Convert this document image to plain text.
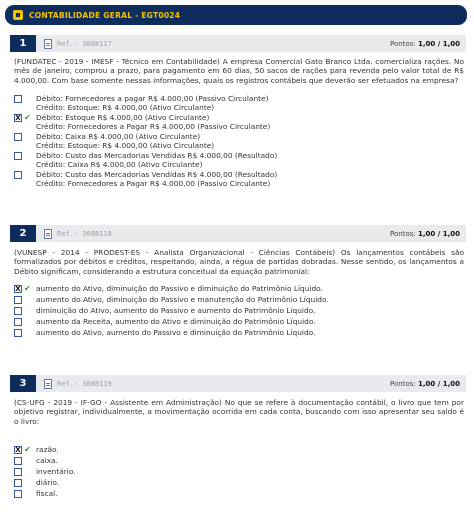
CONTABILIDADE GERAL - EGT0024
1	Ref.: 3088117	Pontos: 1,00 / 1,00
(FUNDATEC - 2019 - IMESF - Técnico em Contabilidade) A empresa Comercial Gato Branco Ltda. comercializa rações. No mês de janeiro, comprou a prazo, para pagamento em 60 dias, 50 sacos de rações para revenda pelo valor total de R$ 4.000,00. Com base somente nessas informações, quais os registros contábeis que deverão ser efetuados na empresa?
Débito: Fornecedores a pagar R$ 4.000,00 (Passivo Circulante)
Crédito: Estoque: R$ 4.000,00 (Ativo Circulante)
X ✔ Débito: Estoque R$ 4.000,00 (Ativo Circulante)
Crédito: Fornecedores a Pagar R$ 4.000,00 (Passivo Circulante)
Débito: Caixa R$ 4.000,00 (Ativo Circulante)
Crédito: Estoque: R$ 4.000,00 (Ativo Circulante)
Débito: Custo das Mercadorias Vendidas R$ 4.000,00 (Resultado)
Crédito: Caixa R$ 4.000,00 (Ativo Circulante)
Débito: Custo das Mercadorias Vendidas R$ 4.000,00 (Resultado)
Crédito: Fornecedores a Pagar R$ 4.000,00 (Passivo Circulante)
2	Ref.: 3088118	Pontos: 1,00 / 1,00
(VUNESP - 2014 - PRODEST-ES - Analista Organizacional - Ciências Contábeis) Os lançamentos contábeis são formalizados por débitos e créditos, respeitando, ainda, a régua de partidas dobradas. Nesse sentido, os lançamentos a Débito significam, considerando a estrutura conceitual da equação patrimonial:
X ✔ aumento do Ativo, diminuição do Passivo e diminuição do Patrimônio Líquido.
aumento do Ativo, diminuição do Passivo e manutenção do Patrimônio Líquido.
diminuição do Ativo, aumento do Passivo e aumento do Patrimônio Líquido.
aumento da Receita, aumento do Ativo e diminuição do Patrimônio Líquido.
aumento do Ativo, aumento do Passivo e diminuição do Patrimônio Líquido.
3	Ref.: 3088119	Pontos: 1,00 / 1,00
(CS-UFG - 2019 - IF-GO - Assistente em Administração) No que se refere à documentação contábil, o livro que tem por objetivo registrar, individualmente, a movimentação ocorrida em cada conta, buscando com isso apresentar seu saldo é o livro:
X ✔ razão.
caixa.
inventário.
diário.
fiscal.
